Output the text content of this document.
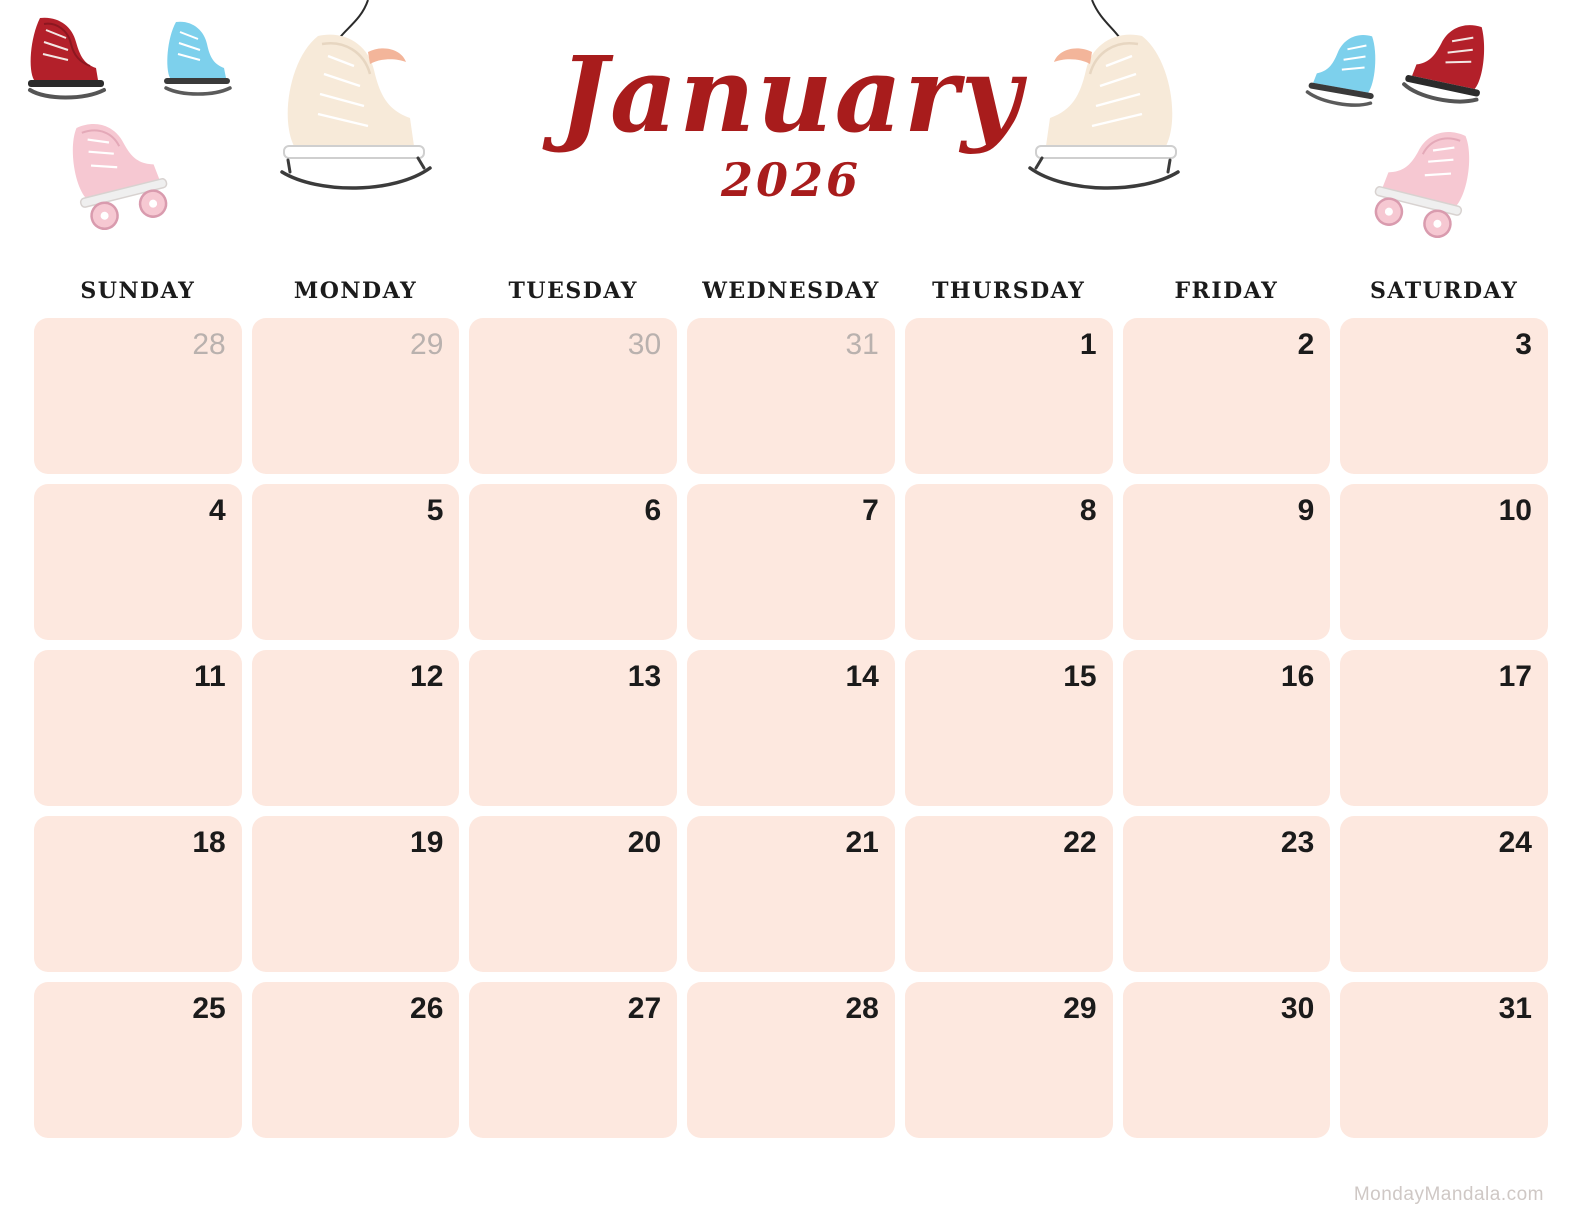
January
2026
SUNDAY	MONDAY	TUESDAY	WEDNESDAY	THURSDAY	FRIDAY	SATURDAY
28	29	30	31	1	2	3
4	5	6	7	8	9	10
11	12	13	14	15	16	17
18	19	20	21	22	23	24
25	26	27	28	29	30	31
MondayMandala.com
